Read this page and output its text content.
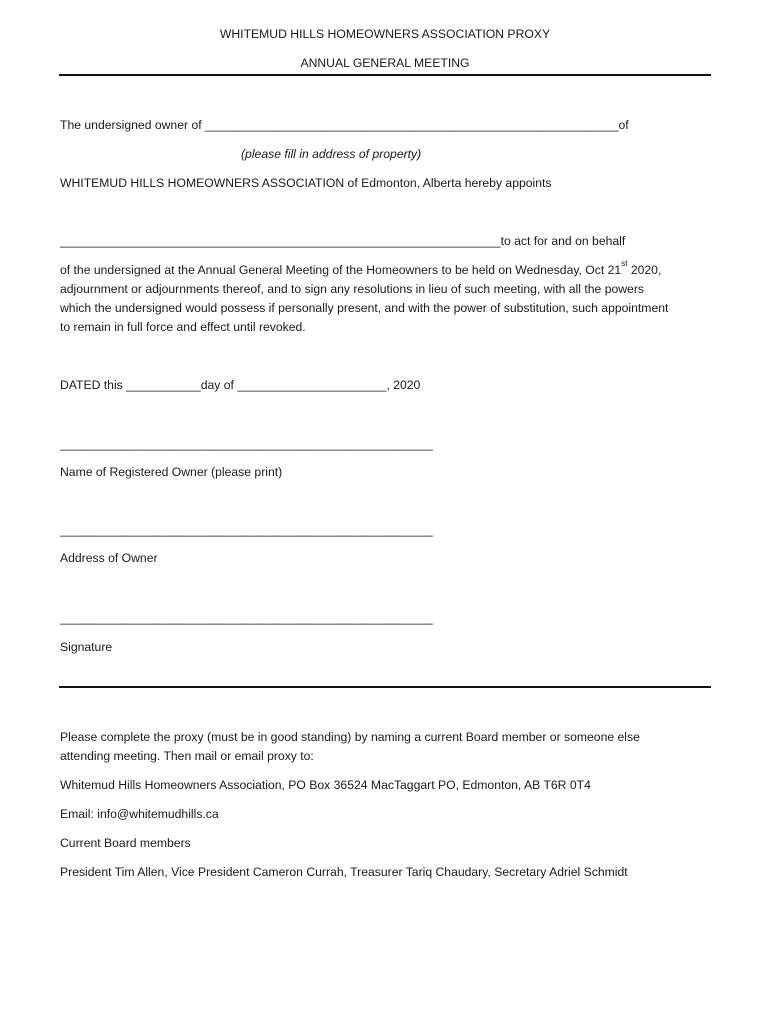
WHITEMUD HILLS HOMEOWNERS ASSOCIATION PROXY
ANNUAL GENERAL MEETING
The undersigned owner of _____________________________________________________________of
(please fill in address of property)
WHITEMUD HILLS HOMEOWNERS ASSOCIATION of Edmonton, Alberta hereby appoints
_________________________________________________________________to act for and on behalf

of the undersigned at the Annual General Meeting of the Homeowners to be held on Wednesday, Oct 21st 2020,

adjournment or adjournments thereof, and to sign any resolutions in lieu of such meeting, with all the powers

which the undersigned would possess if personally present, and with the power of substitution, such appointment

to remain in full force and effect until revoked.

DATED this ___________day of ______________________, 2020
_______________________________________________________
Name of Registered Owner (please print)
_______________________________________________________
Address of Owner
_______________________________________________________
Signature

Please complete the proxy (must be in good standing) by naming a current Board member or someone else

attending meeting. Then mail or email proxy to:

Whitemud Hills Homeowners Association, PO Box 36524 MacTaggart PO, Edmonton, AB T6R 0T4
Email: info@whitemudhills.ca
Current Board members
President Tim Allen, Vice President Cameron Currah, Treasurer Tariq Chaudary, Secretary Adriel Schmidt
